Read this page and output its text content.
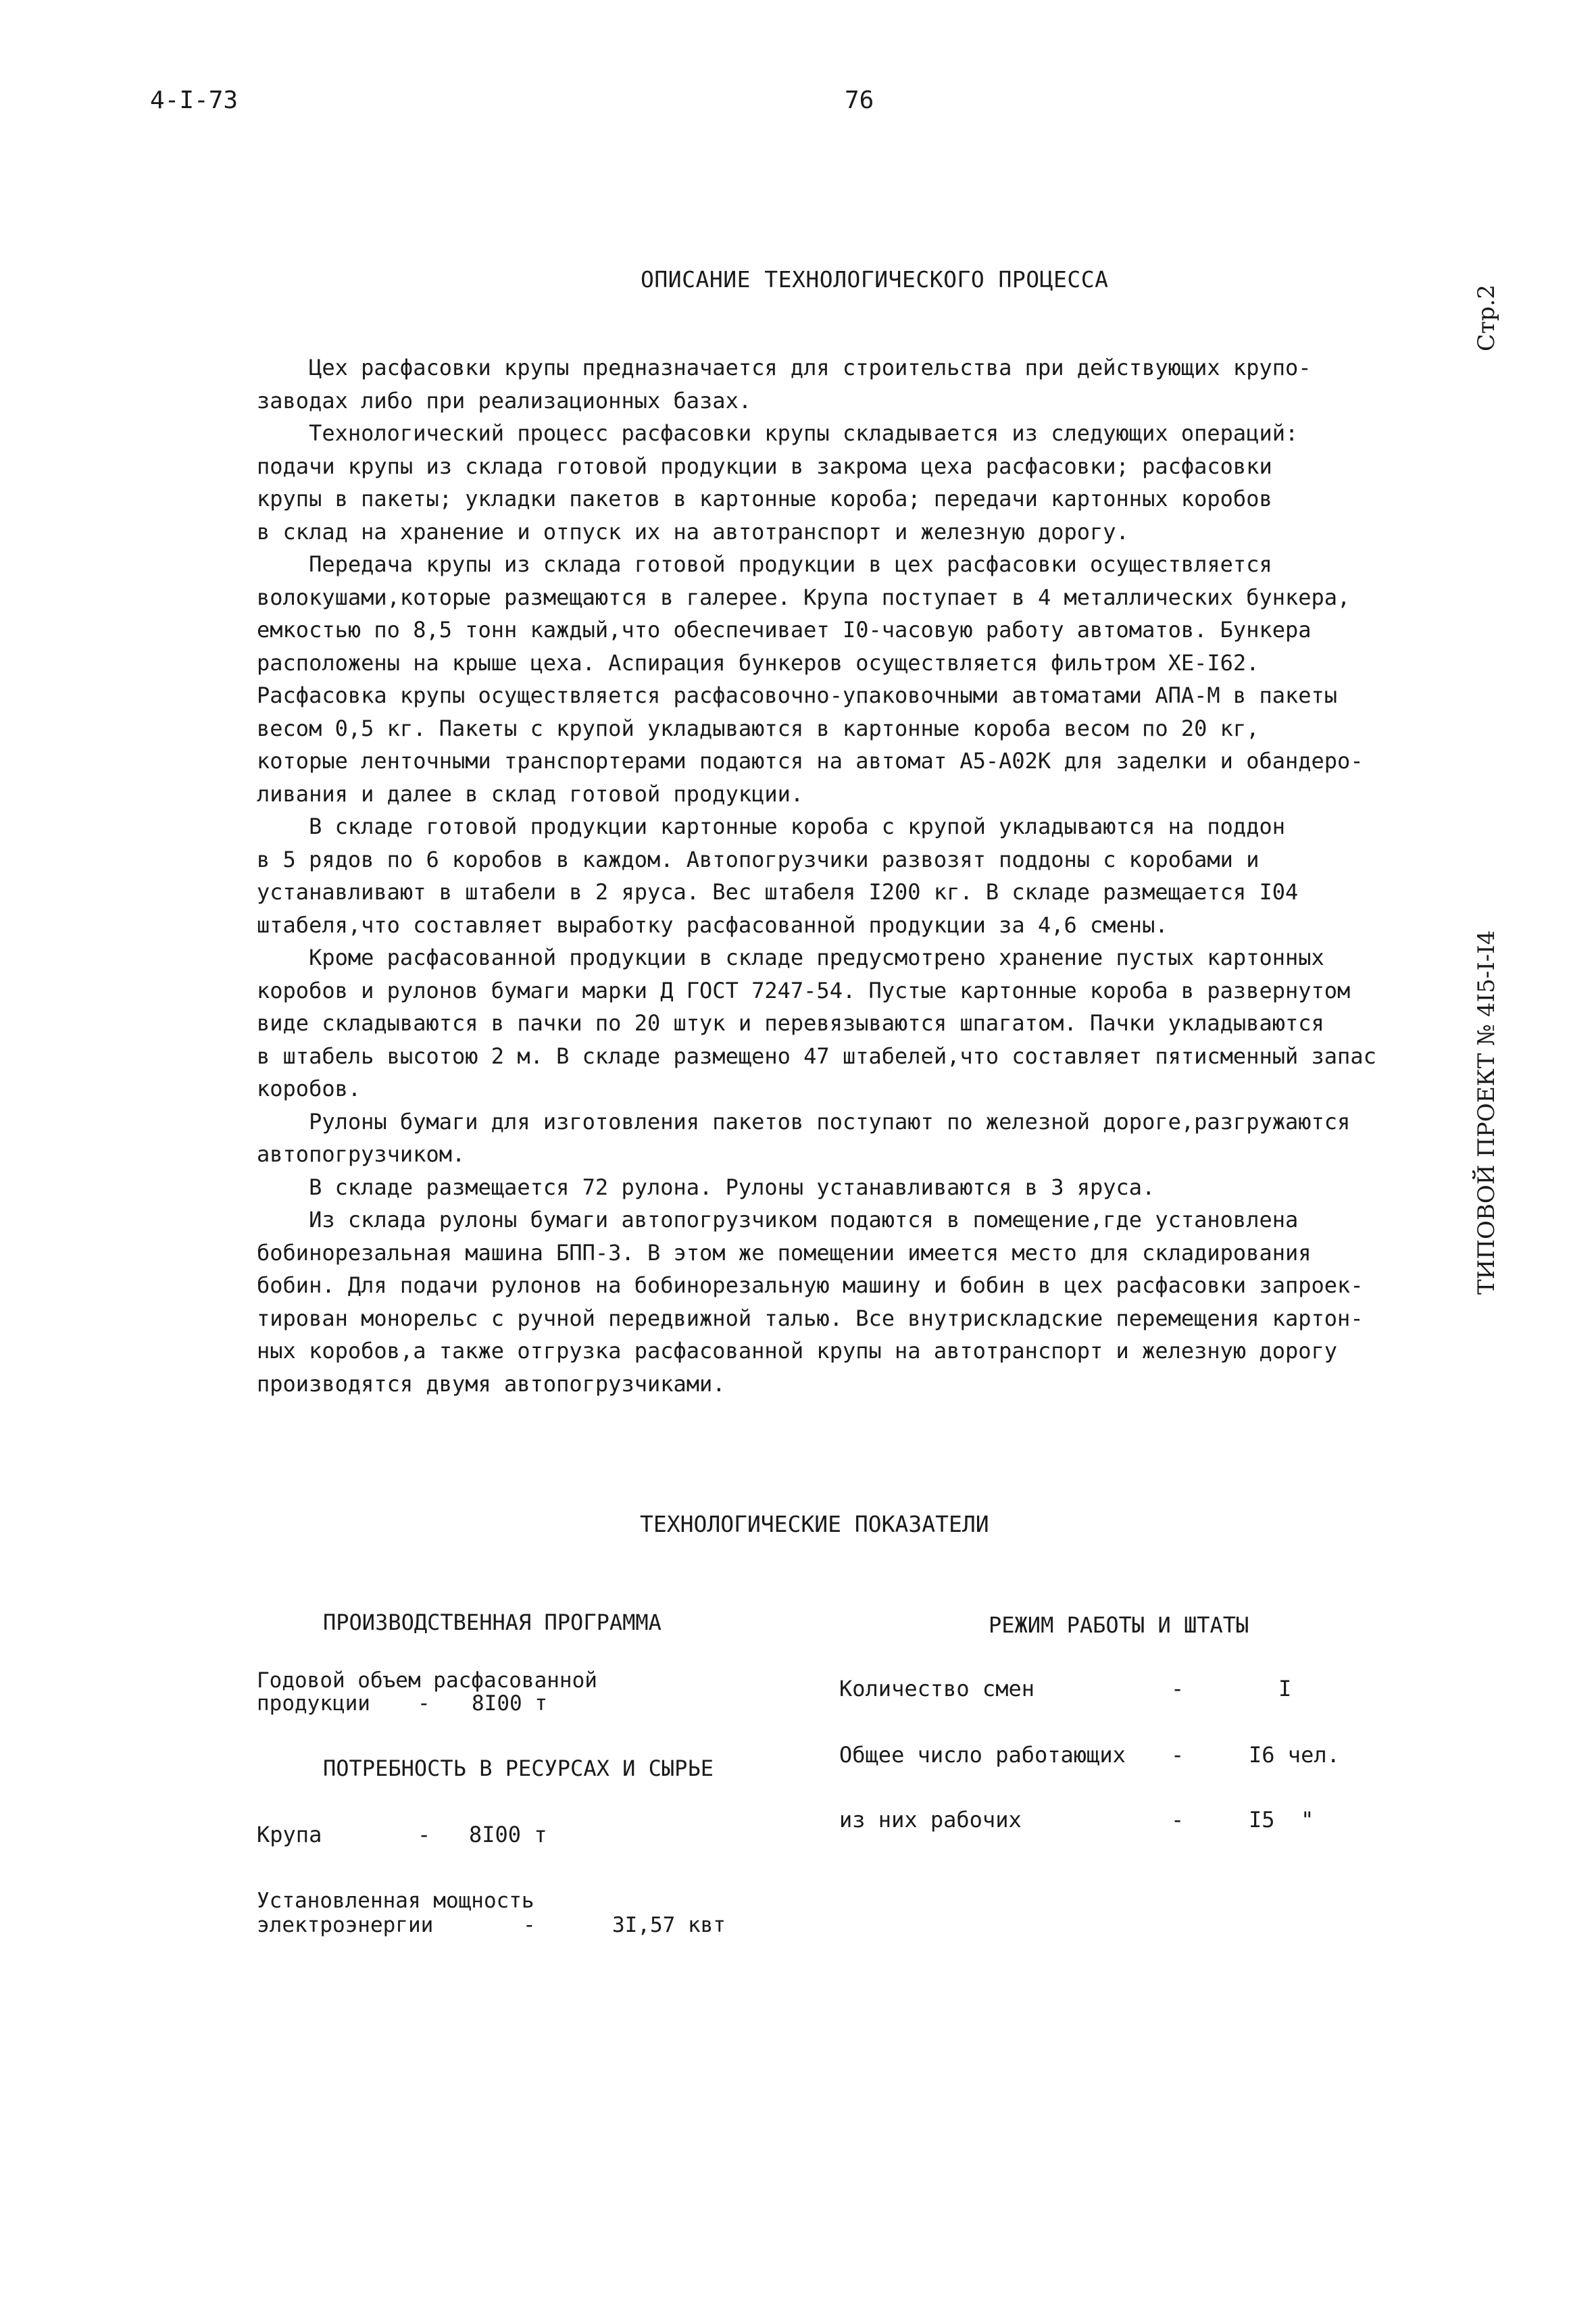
4-I-73	76
Стр.2
ТИПОВОЙ ПРОЕКТ № 4I5-I-I4
ОПИСАНИЕ ТЕХНОЛОГИЧЕСКОГО ПРОЦЕССА
Цех расфасовки крупы предназначается для строительства при действующих крупо-
заводах либо при реализационных базах.
Технологический процесс расфасовки крупы складывается из следующих операций:
подачи крупы из склада готовой продукции в закрома цеха расфасовки; расфасовки
крупы в пакеты; укладки пакетов в картонные короба; передачи картонных коробов
в склад на хранение и отпуск их на автотранспорт и железную дорогу.
Передача крупы из склада готовой продукции в цех расфасовки осуществляется
волокушами,которые размещаются в галерее. Крупа поступает в 4 металлических бункера,
емкостью по 8,5 тонн каждый,что обеспечивает I0-часовую работу автоматов. Бункера
расположены на крыше цеха. Аспирация бункеров осуществляется фильтром ХЕ-I62.
Расфасовка крупы осуществляется расфасовочно-упаковочными автоматами АПА-М в пакеты
весом 0,5 кг. Пакеты с крупой укладываются в картонные короба весом по 20 кг,
которые ленточными транспортерами подаются на автомат А5-А02К для заделки и обандеро-
ливания и далее в склад готовой продукции.
В складе готовой продукции картонные короба с крупой укладываются на поддон
в 5 рядов по 6 коробов в каждом. Автопогрузчики развозят поддоны с коробами и
устанавливают в штабели в 2 яруса. Вес штабеля I200 кг. В складе размещается I04
штабеля,что составляет выработку расфасованной продукции за 4,6 смены.
Кроме расфасованной продукции в складе предусмотрено хранение пустых картонных
коробов и рулонов бумаги марки Д ГОСТ 7247-54. Пустые картонные короба в развернутом
виде складываются в пачки по 20 штук и перевязываются шпагатом. Пачки укладываются
в штабель высотою 2 м. В складе размещено 47 штабелей,что составляет пятисменный запас
коробов.
Рулоны бумаги для изготовления пакетов поступают по железной дороге,разгружаются
автопогрузчиком.
В складе размещается 72 рулона. Рулоны устанавливаются в 3 яруса.
Из склада рулоны бумаги автопогрузчиком подаются в помещение,где установлена
бобинорезальная машина БПП-3. В этом же помещении имеется место для складирования
бобин. Для подачи рулонов на бобинорезальную машину и бобин в цех расфасовки запроек-
тирован монорельс с ручной передвижной талью. Все внутрискладские перемещения картон-
ных коробов,а также отгрузка расфасованной крупы на автотранспорт и железную дорогу
производятся двумя автопогрузчиками.
ТЕХНОЛОГИЧЕСКИЕ ПОКАЗАТЕЛИ
ПРОИЗВОДСТВЕННАЯ ПРОГРАММА	РЕЖИМ РАБОТЫ И ШТАТЫ
Годовой объем расфасованной
продукции - 8I00 т
ПОТРЕБНОСТЬ В РЕСУРСАХ И СЫРЬЕ
Крупа	- 8I00 т
Установленная мощность
электроэнергии	-	3I,57 квт
Количество смен	-	I
Общее число работающих -	I6 чел.
из них рабочих	-	I5  "
